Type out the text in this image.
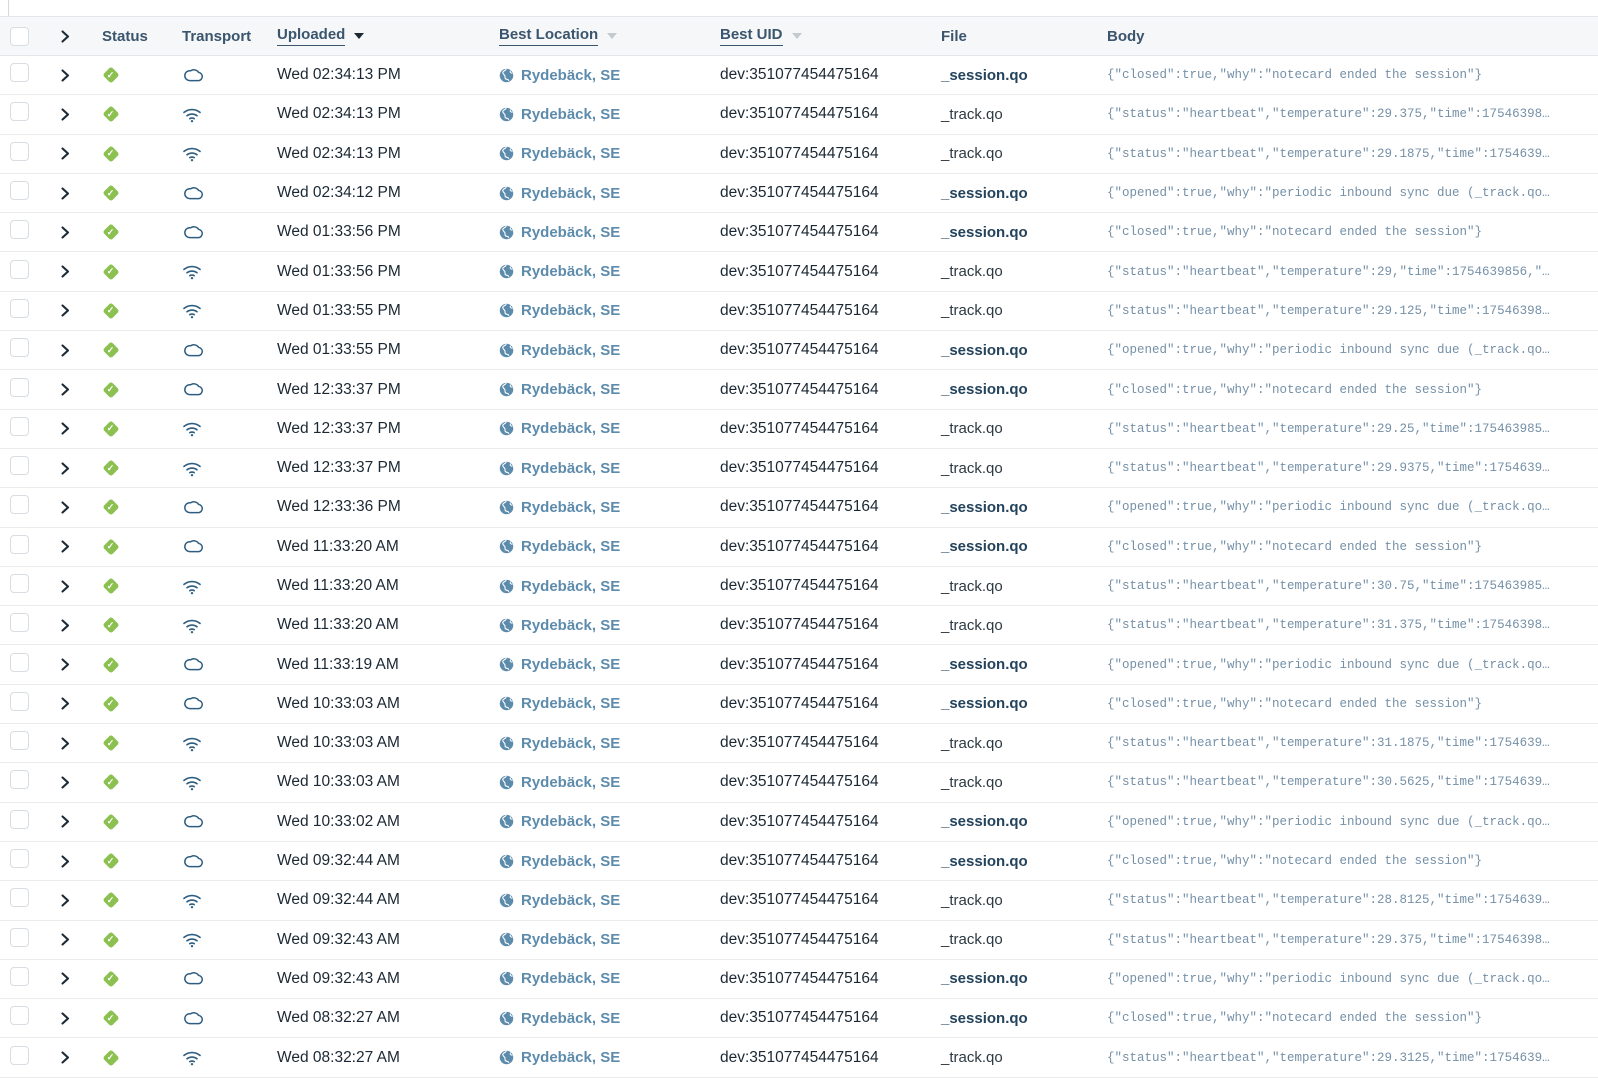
Status Transport Uploaded	Best Location	Best UID	File	Body
✓	Wed 02:34:13 PM	Rydebäck, SE	dev:351077454475164	_session.qo	{"closed":true,"why":"notecard ended the session"}
✓	Wed 02:34:13 PM	Rydebäck, SE	dev:351077454475164	_track.qo	{"status":"heartbeat","temperature":29.375,"time":17546398…
✓	Wed 02:34:13 PM	Rydebäck, SE	dev:351077454475164	_track.qo	{"status":"heartbeat","temperature":29.1875,"time":1754639…
✓	Wed 02:34:12 PM	Rydebäck, SE	dev:351077454475164	_session.qo	{"opened":true,"why":"periodic inbound sync due (_track.qo…
✓	Wed 01:33:56 PM	Rydebäck, SE	dev:351077454475164	_session.qo	{"closed":true,"why":"notecard ended the session"}
✓	Wed 01:33:56 PM	Rydebäck, SE	dev:351077454475164	_track.qo	{"status":"heartbeat","temperature":29,"time":1754639856,"…
✓	Wed 01:33:55 PM	Rydebäck, SE	dev:351077454475164	_track.qo	{"status":"heartbeat","temperature":29.125,"time":17546398…
✓	Wed 01:33:55 PM	Rydebäck, SE	dev:351077454475164	_session.qo	{"opened":true,"why":"periodic inbound sync due (_track.qo…
✓	Wed 12:33:37 PM	Rydebäck, SE	dev:351077454475164	_session.qo	{"closed":true,"why":"notecard ended the session"}
✓	Wed 12:33:37 PM	Rydebäck, SE	dev:351077454475164	_track.qo	{"status":"heartbeat","temperature":29.25,"time":175463985…
✓	Wed 12:33:37 PM	Rydebäck, SE	dev:351077454475164	_track.qo	{"status":"heartbeat","temperature":29.9375,"time":1754639…
✓	Wed 12:33:36 PM	Rydebäck, SE	dev:351077454475164	_session.qo	{"opened":true,"why":"periodic inbound sync due (_track.qo…
✓	Wed 11:33:20 AM	Rydebäck, SE	dev:351077454475164	_session.qo	{"closed":true,"why":"notecard ended the session"}
✓	Wed 11:33:20 AM	Rydebäck, SE	dev:351077454475164	_track.qo	{"status":"heartbeat","temperature":30.75,"time":175463985…
✓	Wed 11:33:20 AM	Rydebäck, SE	dev:351077454475164	_track.qo	{"status":"heartbeat","temperature":31.375,"time":17546398…
✓	Wed 11:33:19 AM	Rydebäck, SE	dev:351077454475164	_session.qo	{"opened":true,"why":"periodic inbound sync due (_track.qo…
✓	Wed 10:33:03 AM	Rydebäck, SE	dev:351077454475164	_session.qo	{"closed":true,"why":"notecard ended the session"}
✓	Wed 10:33:03 AM	Rydebäck, SE	dev:351077454475164	_track.qo	{"status":"heartbeat","temperature":31.1875,"time":1754639…
✓	Wed 10:33:03 AM	Rydebäck, SE	dev:351077454475164	_track.qo	{"status":"heartbeat","temperature":30.5625,"time":1754639…
✓	Wed 10:33:02 AM	Rydebäck, SE	dev:351077454475164	_session.qo	{"opened":true,"why":"periodic inbound sync due (_track.qo…
✓	Wed 09:32:44 AM	Rydebäck, SE	dev:351077454475164	_session.qo	{"closed":true,"why":"notecard ended the session"}
✓	Wed 09:32:44 AM	Rydebäck, SE	dev:351077454475164	_track.qo	{"status":"heartbeat","temperature":28.8125,"time":1754639…
✓	Wed 09:32:43 AM	Rydebäck, SE	dev:351077454475164	_track.qo	{"status":"heartbeat","temperature":29.375,"time":17546398…
✓	Wed 09:32:43 AM	Rydebäck, SE	dev:351077454475164	_session.qo	{"opened":true,"why":"periodic inbound sync due (_track.qo…
✓	Wed 08:32:27 AM	Rydebäck, SE	dev:351077454475164	_session.qo	{"closed":true,"why":"notecard ended the session"}
✓	Wed 08:32:27 AM	Rydebäck, SE	dev:351077454475164	_track.qo	{"status":"heartbeat","temperature":29.3125,"time":1754639…
